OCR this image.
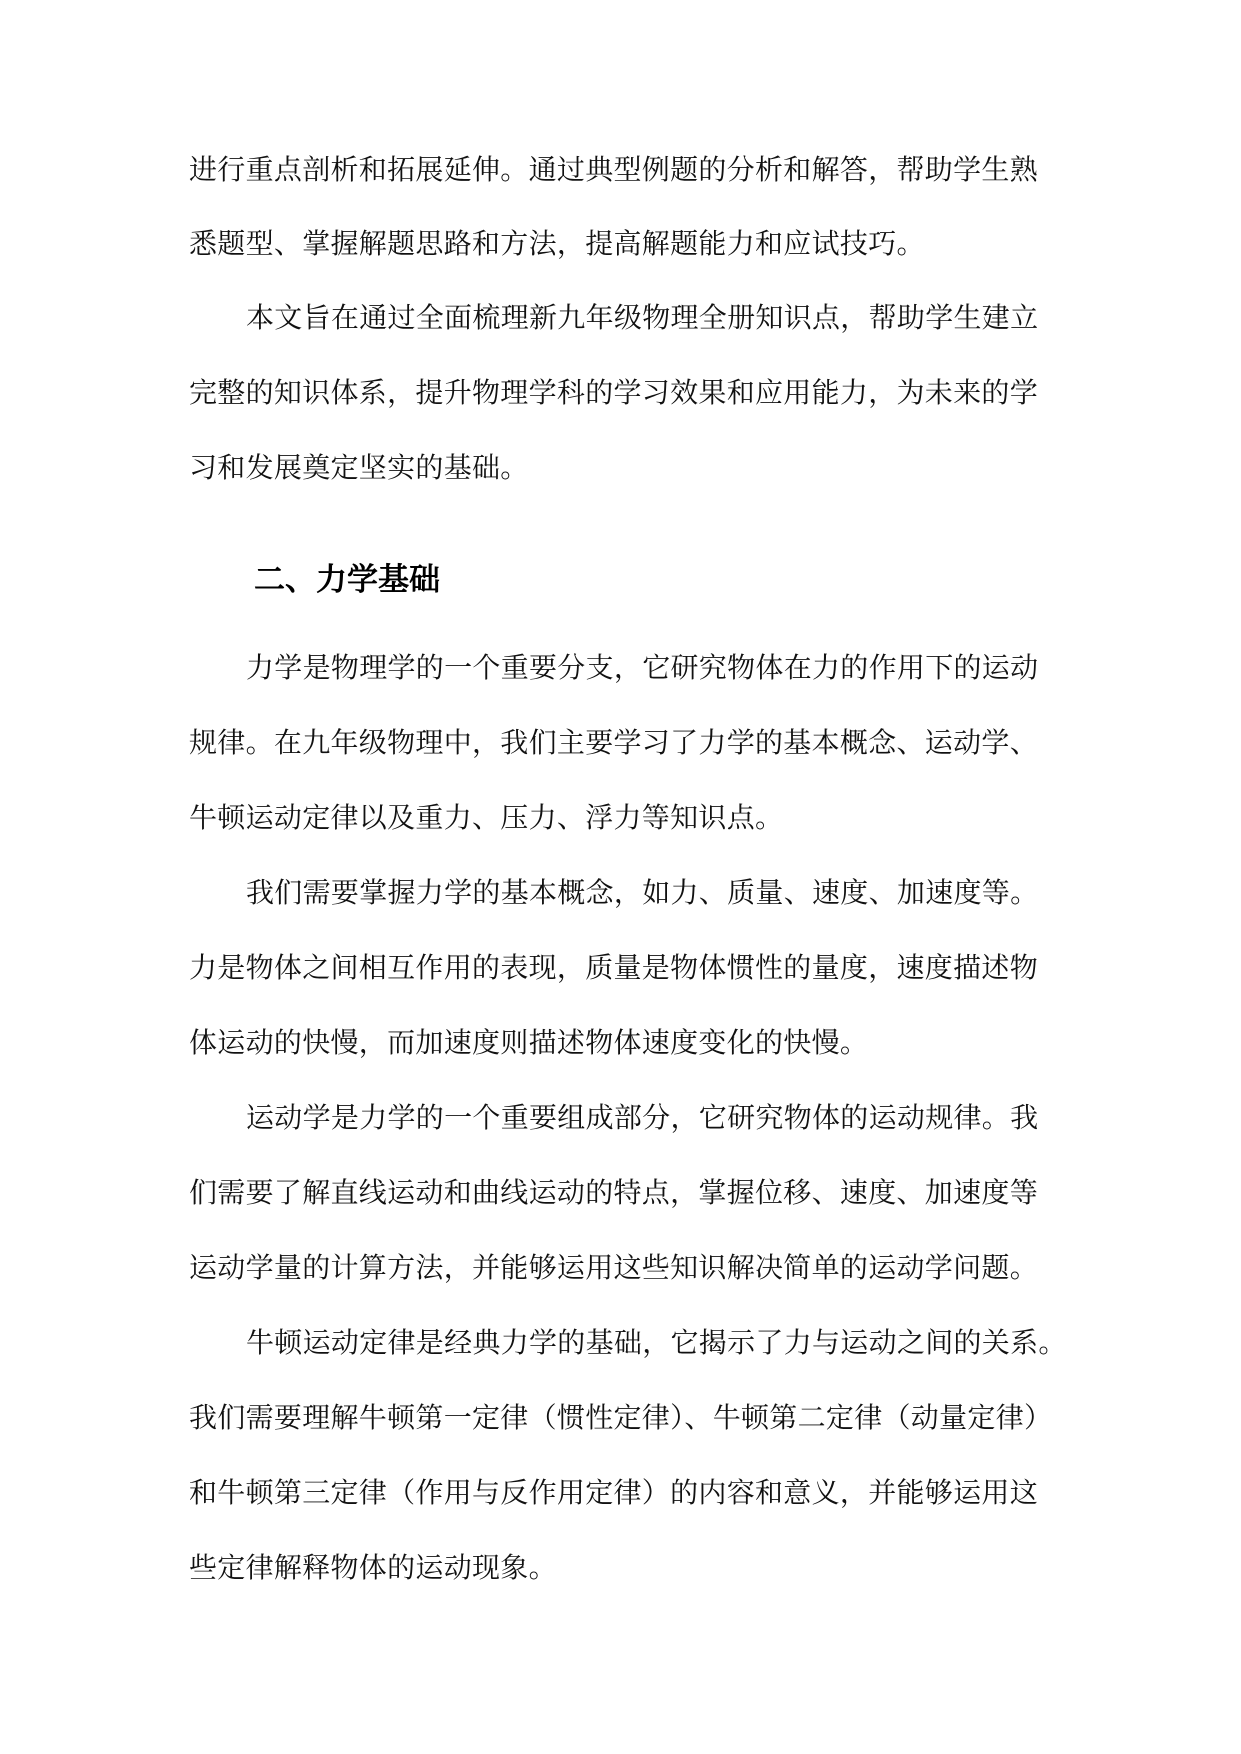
进行重点剖析和拓展延伸。通过典型例题的分析和解答，帮助学生熟
悉题型、掌握解题思路和方法，提高解题能力和应试技巧。
本文旨在通过全面梳理新九年级物理全册知识点，帮助学生建立
完整的知识体系，提升物理学科的学习效果和应用能力，为未来的学
习和发展奠定坚实的基础。
二、力学基础
力学是物理学的一个重要分支，它研究物体在力的作用下的运动
规律。在九年级物理中，我们主要学习了力学的基本概念、运动学、
牛顿运动定律以及重力、压力、浮力等知识点。
我们需要掌握力学的基本概念，如力、质量、速度、加速度等。
力是物体之间相互作用的表现，质量是物体惯性的量度，速度描述物
体运动的快慢，而加速度则描述物体速度变化的快慢。
运动学是力学的一个重要组成部分，它研究物体的运动规律。我
们需要了解直线运动和曲线运动的特点，掌握位移、速度、加速度等
运动学量的计算方法，并能够运用这些知识解决简单的运动学问题。
牛顿运动定律是经典力学的基础，它揭示了力与运动之间的关系。
我们需要理解牛顿第一定律（惯性定律）、牛顿第二定律（动量定律）
和牛顿第三定律（作用与反作用定律）的内容和意义，并能够运用这
些定律解释物体的运动现象。
